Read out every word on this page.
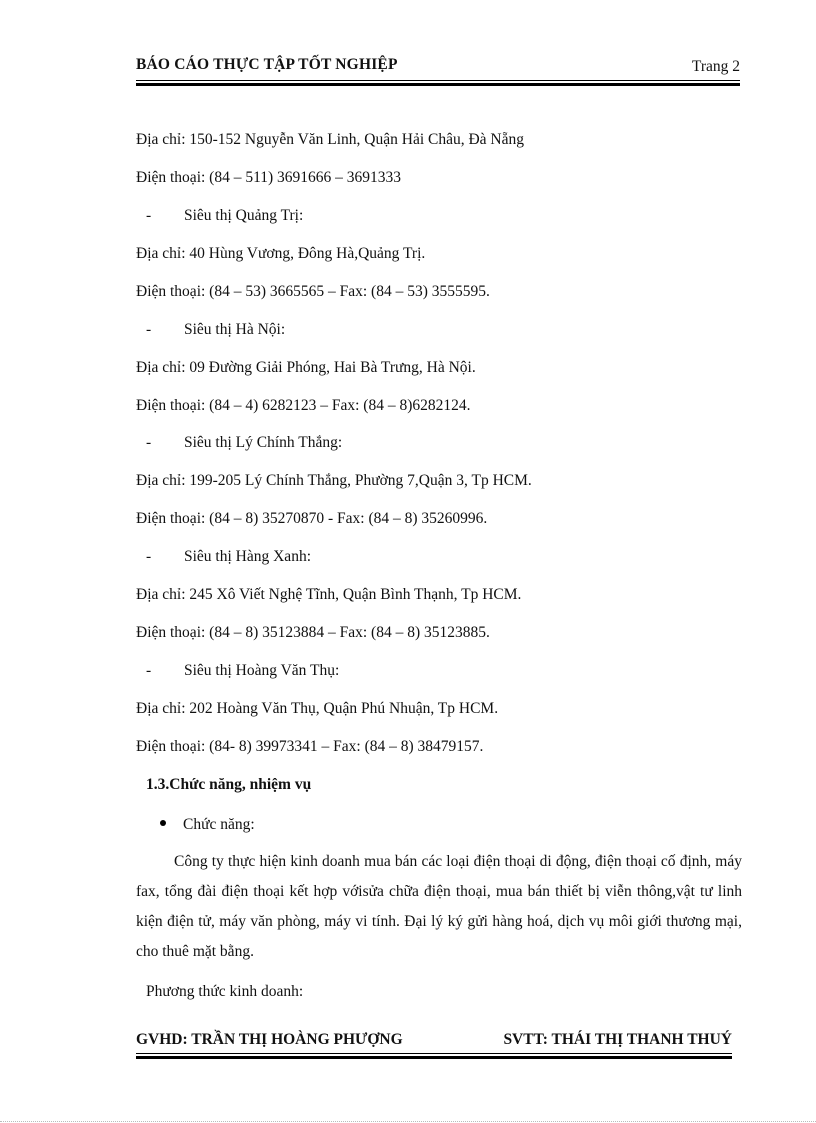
BÁO CÁO THỰC TẬP TỐT NGHIỆP	Trang 2
Địa chỉ: 150-152 Nguyễn Văn Linh, Quận Hải Châu, Đà Nẵng
Điện thoại: (84 – 511) 3691666 – 3691333
- Siêu thị Quảng Trị:
Địa chỉ: 40 Hùng Vương, Đông Hà,Quảng Trị.
Điện thoại: (84 – 53) 3665565 – Fax: (84 – 53) 3555595.
- Siêu thị Hà Nội:
Địa chỉ: 09 Đường Giải Phóng, Hai Bà Trưng, Hà Nội.
Điện thoại: (84 – 4) 6282123 – Fax: (84 – 8)6282124.
- Siêu thị Lý Chính Thắng:
Địa chỉ: 199-205 Lý Chính Thắng, Phường 7,Quận 3, Tp HCM.
Điện thoại: (84 – 8) 35270870 - Fax: (84 – 8) 35260996.
- Siêu thị Hàng Xanh:
Địa chỉ: 245 Xô Viết Nghệ Tĩnh, Quận Bình Thạnh, Tp HCM.
Điện thoại: (84 – 8) 35123884 – Fax: (84 – 8) 35123885.
- Siêu thị Hoàng Văn Thụ:
Địa chỉ: 202 Hoàng Văn Thụ, Quận Phú Nhuận, Tp HCM.
Điện thoại: (84- 8) 39973341 – Fax: (84 – 8) 38479157.
1.3.Chức năng, nhiệm vụ
Chức năng:

Công ty thực hiện kinh doanh mua bán các loại điện thoại di động, điện thoại cố định, máy fax, tổng đài điện thoại kết hợp vớisửa chữa điện thoại, mua bán thiết bị viễn thông,vật tư linh kiện điện tử, máy văn phòng, máy vi tính. Đại lý ký gửi hàng hoá, dịch vụ môi giới thương mại, cho thuê mặt bằng.

Phương thức kinh doanh:
GVHD: TRẦN THỊ HOÀNG PHƯỢNG	SVTT: THÁI THỊ THANH THUÝ
